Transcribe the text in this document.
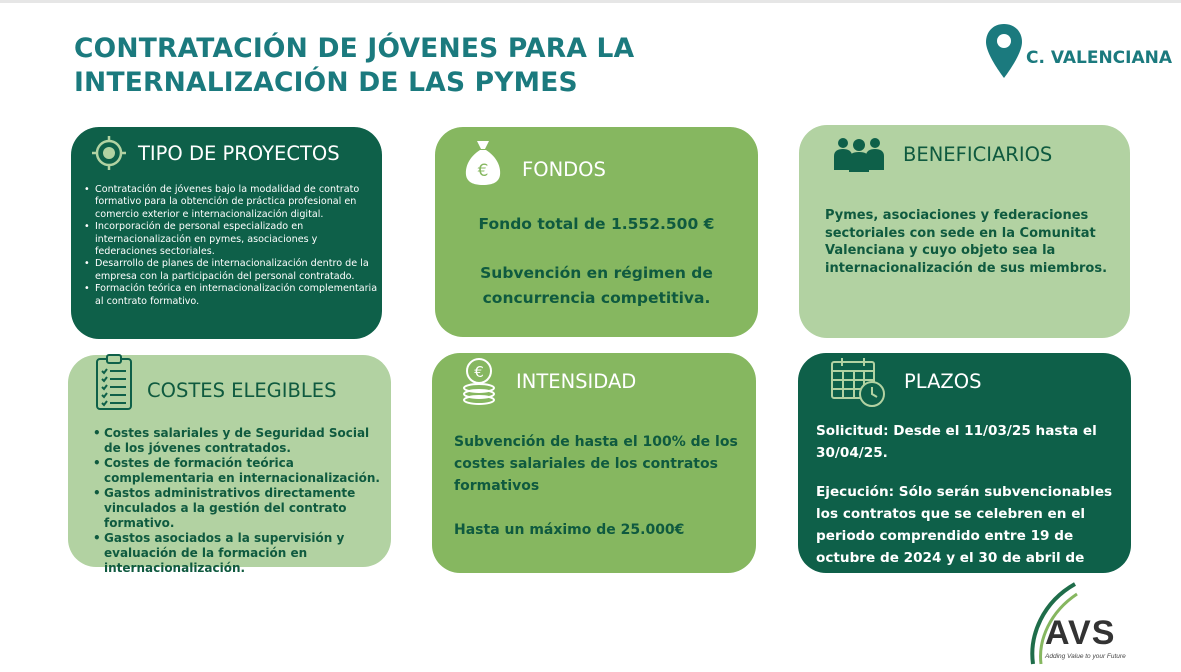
CONTRATACIÓN DE JÓVENES PARA LA
INTERNALIZACIÓN DE LAS PYMES
C. VALENCIANA
TIPO DE PROYECTOS
• Contratación de jóvenes bajo la modalidad de contrato formativo para la obtención de práctica profesional en comercio exterior e internacionalización digital.
• Incorporación de personal especializado en internacionalización en pymes, asociaciones y federaciones sectoriales.
• Desarrollo de planes de internacionalización dentro de la empresa con la participación del personal contratado.
• Formación teórica en internacionalización complementaria al contrato formativo.
€ FONDOS
Fondo total de 1.552.500 €
Subvención en régimen de concurrencia competitiva.
BENEFICIARIOS
Pymes, asociaciones y federaciones sectoriales con sede en la Comunitat Valenciana y cuyo objeto sea la internacionalización de sus miembros.
COSTES ELEGIBLES
• Costes salariales y de Seguridad Social de los jóvenes contratados.
• Costes de formación teórica complementaria en internacionalización.
• Gastos administrativos directamente vinculados a la gestión del contrato formativo.
• Gastos asociados a la supervisión y evaluación de la formación en internacionalización.
€ INTENSIDAD
Subvención de hasta el 100% de los costes salariales de los contratos formativos
Hasta un máximo de 25.000€
PLAZOS
Solicitud: Desde el 11/03/25 hasta el 30/04/25.
Ejecución: Sólo serán subvencionables los contratos que se celebren en el periodo comprendido entre 19 de octubre de 2024 y el 30 de abril de 2025.
AVS
Adding Value to your Future
